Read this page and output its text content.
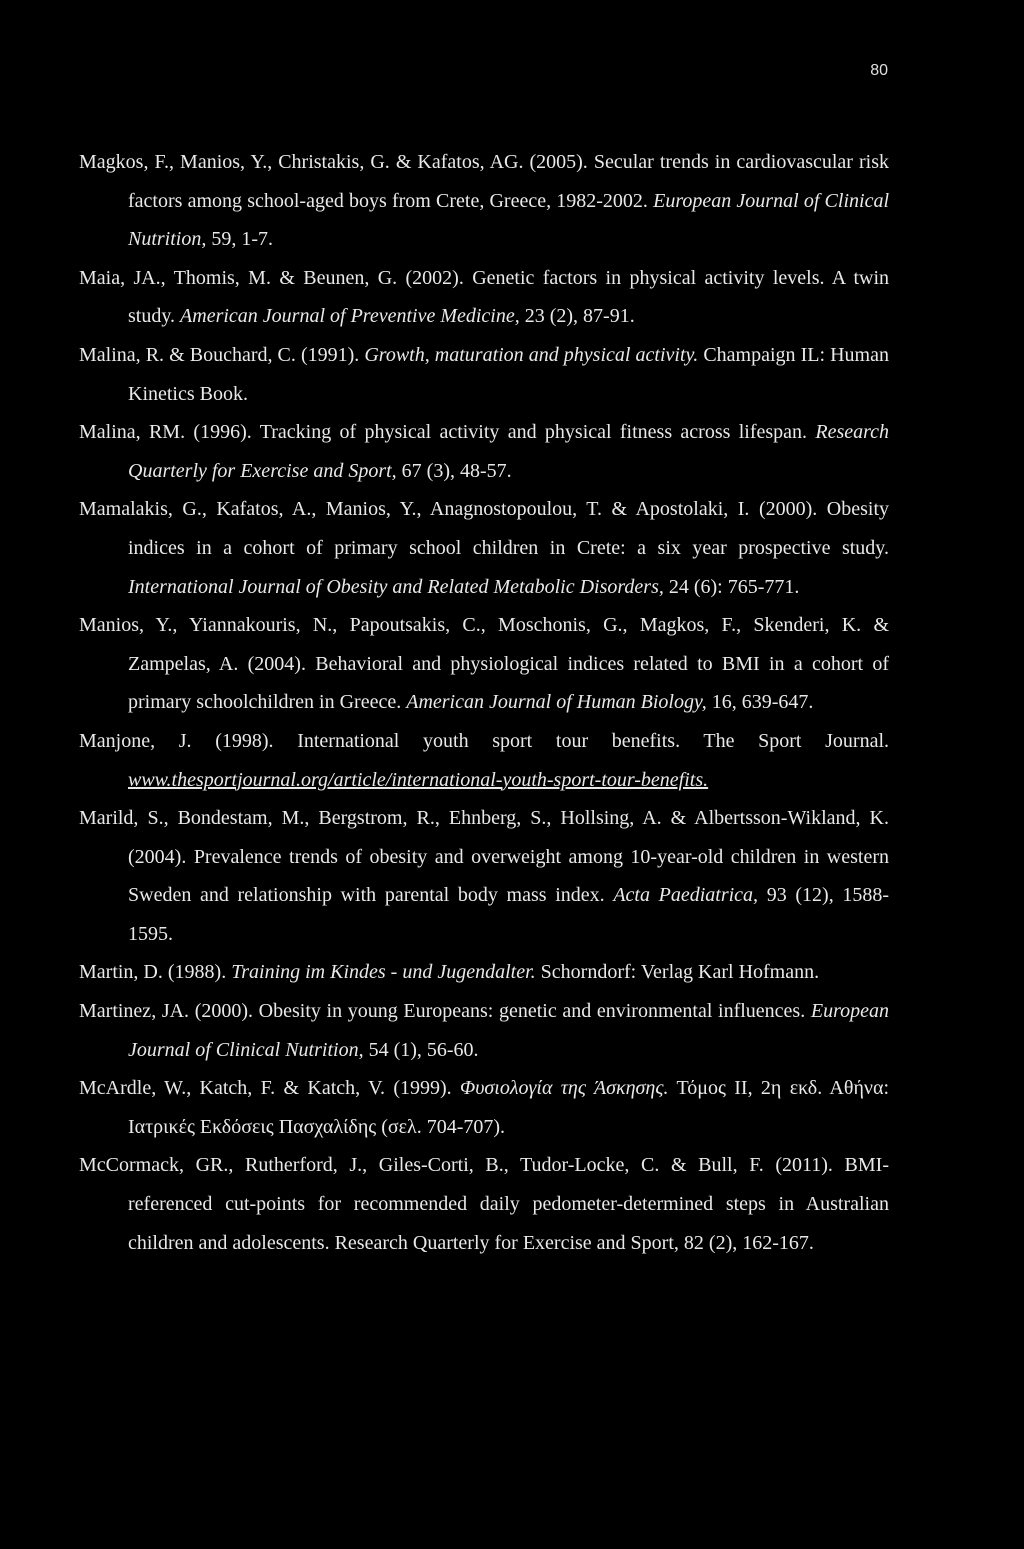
80

Magkos, F., Manios, Y., Christakis, G. & Kafatos, AG. (2005). Secular trends in cardiovascular risk factors among school-aged boys from Crete, Greece, 1982-2002. European Journal of Clinical Nutrition, 59, 1-7.

Maia, JA., Thomis, M. & Beunen, G. (2002). Genetic factors in physical activity levels. A twin study. American Journal of Preventive Medicine, 23 (2), 87-91.

Malina, R. & Bouchard, C. (1991). Growth, maturation and physical activity. Champaign IL: Human Kinetics Book.

Malina, RM. (1996). Tracking of physical activity and physical fitness across lifespan. Research Quarterly for Exercise and Sport, 67 (3), 48-57.

Mamalakis, G., Kafatos, A., Manios, Y., Anagnostopoulou, T. & Apostolaki, I. (2000). Obesity indices in a cohort of primary school children in Crete: a six year prospective study. International Journal of Obesity and Related Metabolic Disorders, 24 (6): 765-771.

Manios, Y., Yiannakouris, N., Papoutsakis, C., Moschonis, G., Magkos, F., Skenderi, K. & Zampelas, A. (2004). Behavioral and physiological indices related to BMI in a cohort of primary schoolchildren in Greece. American Journal of Human Biology, 16, 639-647.

Manjone, J. (1998). International youth sport tour benefits. The Sport Journal. www.thesportjournal.org/article/international-youth-sport-tour-benefits.

Marild, S., Bondestam, M., Bergstrom, R., Ehnberg, S., Hollsing, A. & Albertsson-Wikland, K. (2004). Prevalence trends of obesity and overweight among 10-year-old children in western Sweden and relationship with parental body mass index. Acta Paediatrica, 93 (12), 1588-1595.

Martin, D. (1988). Training im Kindes - und Jugendalter. Schorndorf: Verlag Karl Hofmann.

Martinez, JA. (2000). Obesity in young Europeans: genetic and environmental influences. European Journal of Clinical Nutrition, 54 (1), 56-60.

McArdle, W., Katch, F. & Katch, V. (1999). Φυσιολογία της Άσκησης. Τόμος ΙΙ, 2η εκδ. Αθήνα: Ιατρικές Εκδόσεις Πασχαλίδης (σελ. 704-707).

McCormack, GR., Rutherford, J., Giles-Corti, B., Tudor-Locke, C. & Bull, F. (2011). BMI-referenced cut-points for recommended daily pedometer-determined steps in Australian children and adolescents. Research Quarterly for Exercise and Sport, 82 (2), 162-167.
